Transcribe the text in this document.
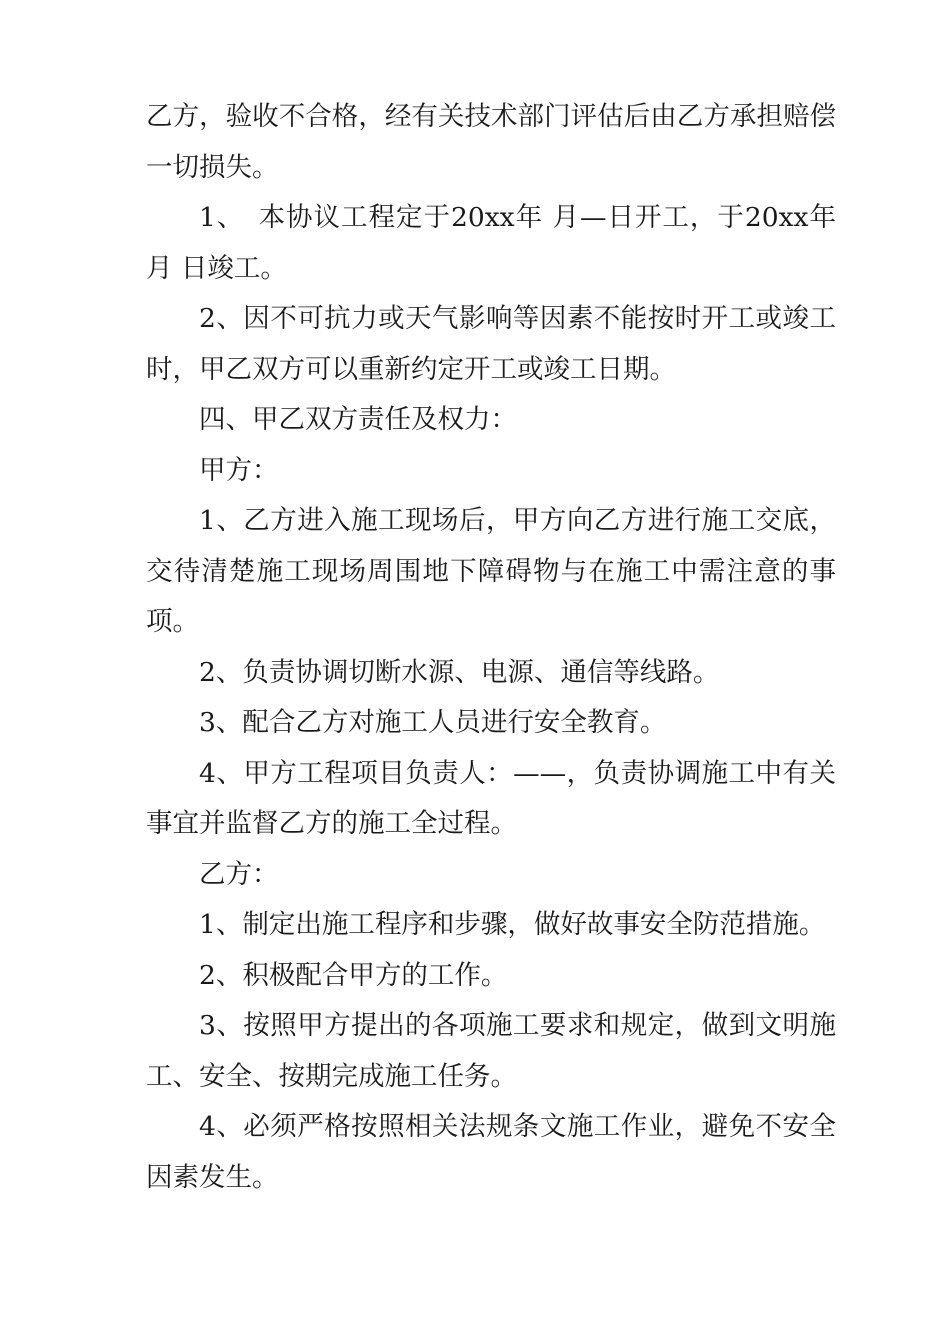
乙方，验收不合格，经有关技术部门评估后由乙方承担赔偿一切损失。

1、　本协议工程定于20xx年 月—日开工，于20xx年月 日竣工。

2、因不可抗力或天气影响等因素不能按时开工或竣工时，甲乙双方可以重新约定开工或竣工日期。

四、甲乙双方责任及权力：

甲方：

1、乙方进入施工现场后，甲方向乙方进行施工交底，交待清楚施工现场周围地下障碍物与在施工中需注意的事项。

2、负责协调切断水源、电源、通信等线路。

3、配合乙方对施工人员进行安全教育。

4、甲方工程项目负责人：——，负责协调施工中有关事宜并监督乙方的施工全过程。

乙方：

1、制定出施工程序和步骤，做好故事安全防范措施。

2、积极配合甲方的工作。

3、按照甲方提出的各项施工要求和规定，做到文明施工、安全、按期完成施工任务。

4、必须严格按照相关法规条文施工作业，避免不安全因素发生。
